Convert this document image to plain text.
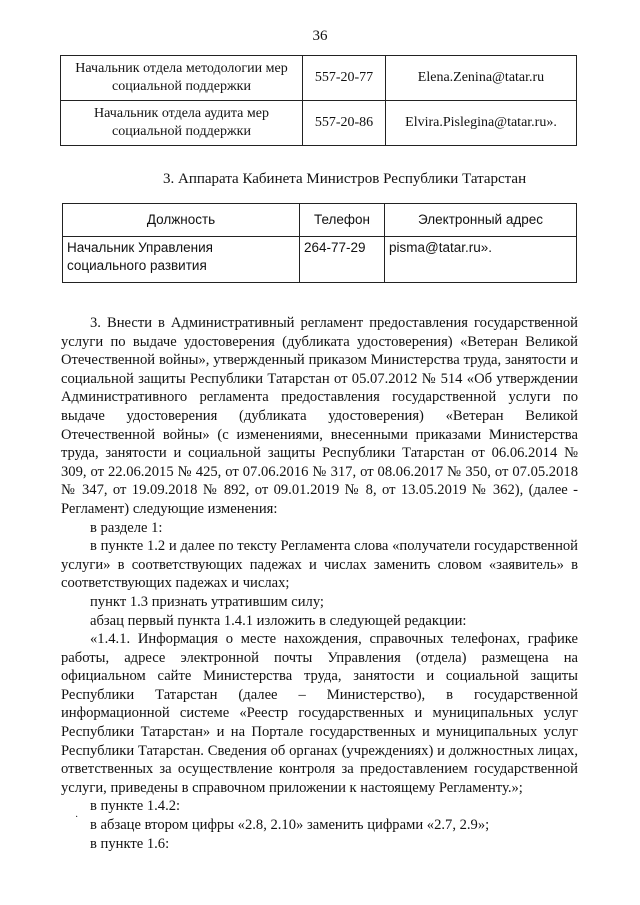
36
Начальник отдела методологии мер социальной поддержки	557-20-77	Elena.Zenina@tatar.ru
Начальник отдела аудита мер социальной поддержки	557-20-86	Elvira.Pislegina@tatar.ru».
3. Аппарата Кабинета Министров Республики Татарстан
Должность	Телефон	Электронный адрес
Начальник Управления социального развития	264-77-29	pisma@tatar.ru».

3. Внести в Административный регламент предоставления государственной услуги по выдаче удостоверения (дубликата удостоверения) «Ветеран Великой Отечественной войны», утвержденный приказом Министерства труда, занятости и социальной защиты Республики Татарстан от 05.07.2012 № 514 «Об утверждении Административного регламента предоставления государственной услуги по выдаче удостоверения (дубликата удостоверения) «Ветеран Великой Отечественной войны» (с изменениями, внесенными приказами Министерства труда, занятости и социальной защиты Республики Татарстан от 06.06.2014 № 309, от 22.06.2015 № 425, от 07.06.2016 № 317, от 08.06.2017 № 350, от 07.05.2018 № 347, от 19.09.2018 № 892, от 09.01.2019 № 8, от 13.05.2019 № 362), (далее - Регламент) следующие изменения:

в разделе 1:

в пункте 1.2 и далее по тексту Регламента слова «получатели государственной услуги» в соответствующих падежах и числах заменить словом «заявитель» в соответствующих падежах и числах;

пункт 1.3 признать утратившим силу;

абзац первый пункта 1.4.1 изложить в следующей редакции:

«1.4.1. Информация о месте нахождения, справочных телефонах, графике работы, адресе электронной почты Управления (отдела) размещена на официальном сайте Министерства труда, занятости и социальной защиты Республики Татарстан (далее – Министерство), в государственной информационной системе «Реестр государственных и муниципальных услуг Республики Татарстан» и на Портале государственных и муниципальных услуг Республики Татарстан. Сведения об органах (учреждениях) и должностных лицах, ответственных за осуществление контроля за предоставлением государственной услуги, приведены в справочном приложении к настоящему Регламенту.»;

в пункте 1.4.2:

в абзаце втором цифры «2.8, 2.10» заменить цифрами «2.7, 2.9»;

в пункте 1.6:

·
